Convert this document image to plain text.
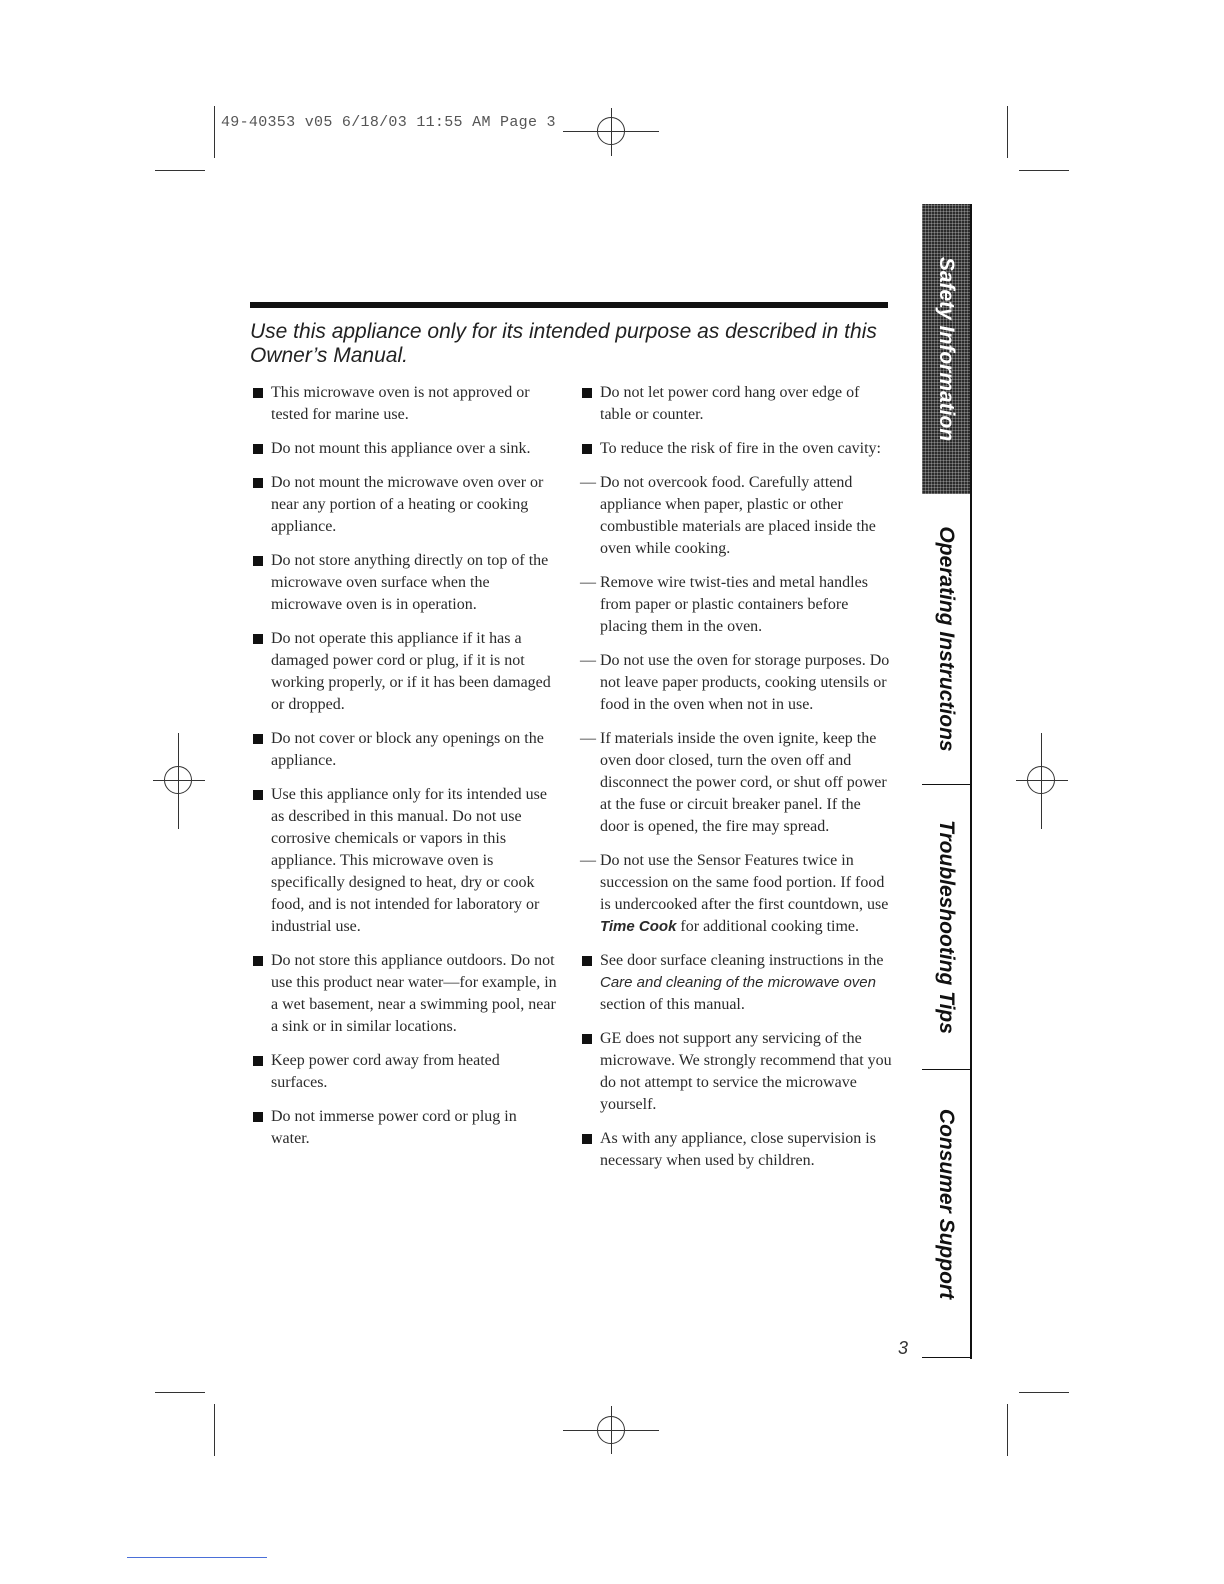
49-40353 v05 6/18/03 11:55 AM Page 3
Use this appliance only for its intended purpose as described in this Owner’s Manual.
This microwave oven is not approved or tested for marine use.
Do not mount this appliance over a sink.
Do not mount the microwave oven over or near any portion of a heating or cooking appliance.
Do not store anything directly on top of the microwave oven surface when the microwave oven is in operation.
Do not operate this appliance if it has a damaged power cord or plug, if it is not working properly, or if it has been damaged or dropped.
Do not cover or block any openings on the appliance.
Use this appliance only for its intended use as described in this manual. Do not use corrosive chemicals or vapors in this appliance. This microwave oven is specifically designed to heat, dry or cook food, and is not intended for laboratory or industrial use.
Do not store this appliance outdoors. Do not use this product near water—for example, in a wet basement, near a swimming pool, near a sink or in similar locations.
Keep power cord away from heated surfaces.
Do not immerse power cord or plug in water.
Do not let power cord hang over edge of table or counter.
To reduce the risk of fire in the oven cavity:
— Do not overcook food. Carefully attend appliance when paper, plastic or other combustible materials are placed inside the oven while cooking.
— Remove wire twist-ties and metal handles from paper or plastic containers before placing them in the oven.
— Do not use the oven for storage purposes. Do not leave paper products, cooking utensils or food in the oven when not in use.
— If materials inside the oven ignite, keep the oven door closed, turn the oven off and disconnect the power cord, or shut off power at the fuse or circuit breaker panel. If the door is opened, the fire may spread.
— Do not use the Sensor Features twice in succession on the same food portion. If food is undercooked after the first countdown, use Time Cook for additional cooking time.
See door surface cleaning instructions in the Care and cleaning of the microwave oven section of this manual.
GE does not support any servicing of the microwave. We strongly recommend that you do not attempt to service the microwave yourself.
As with any appliance, close supervision is necessary when used by children.
Safety Information
Operating Instructions
Troubleshooting Tips
Consumer Support
3
